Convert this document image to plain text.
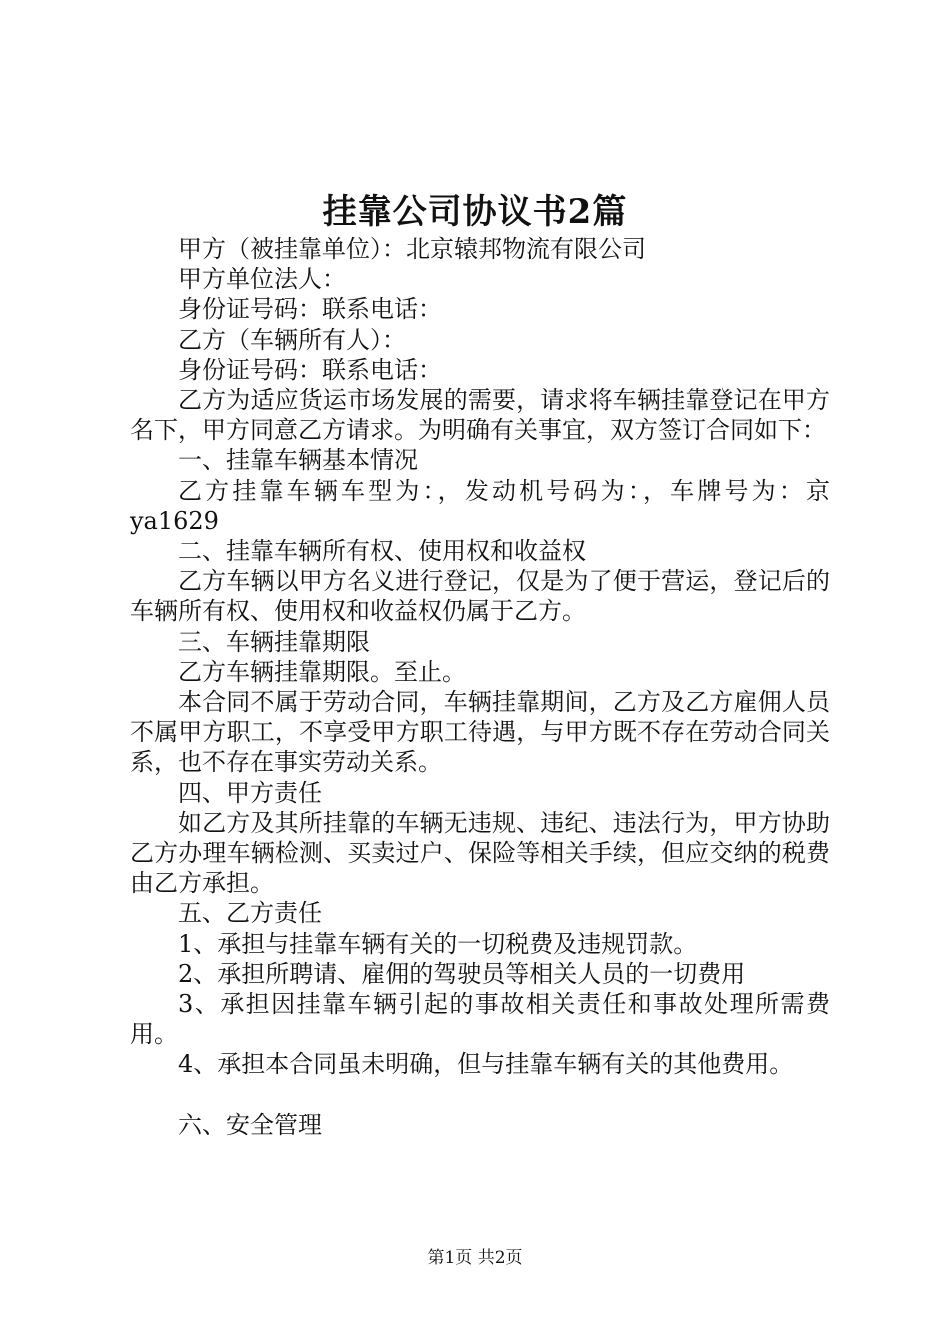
挂靠公司协议书2篇

甲方（被挂靠单位）：北京辕邦物流有限公司

甲方单位法人：

身份证号码：联系电话：

乙方（车辆所有人）：

身份证号码：联系电话：

乙方为适应货运市场发展的需要，请求将车辆挂靠登记在甲方名下，甲方同意乙方请求。为明确有关事宜，双方签订合同如下：

一、挂靠车辆基本情况

乙方挂靠车辆车型为：，发动机号码为：，车牌号为：京ya1629

二、挂靠车辆所有权、使用权和收益权

乙方车辆以甲方名义进行登记，仅是为了便于营运，登记后的车辆所有权、使用权和收益权仍属于乙方。

三、车辆挂靠期限

乙方车辆挂靠期限。至止。

本合同不属于劳动合同，车辆挂靠期间，乙方及乙方雇佣人员不属甲方职工，不享受甲方职工待遇，与甲方既不存在劳动合同关系，也不存在事实劳动关系。

四、甲方责任

如乙方及其所挂靠的车辆无违规、违纪、违法行为，甲方协助乙方办理车辆检测、买卖过户、保险等相关手续，但应交纳的税费由乙方承担。

五、乙方责任

1、承担与挂靠车辆有关的一切税费及违规罚款。

2、承担所聘请、雇佣的驾驶员等相关人员的一切费用

3、承担因挂靠车辆引起的事故相关责任和事故处理所需费用。

4、承担本合同虽未明确，但与挂靠车辆有关的其他费用。

六、安全管理

第1页 共2页
